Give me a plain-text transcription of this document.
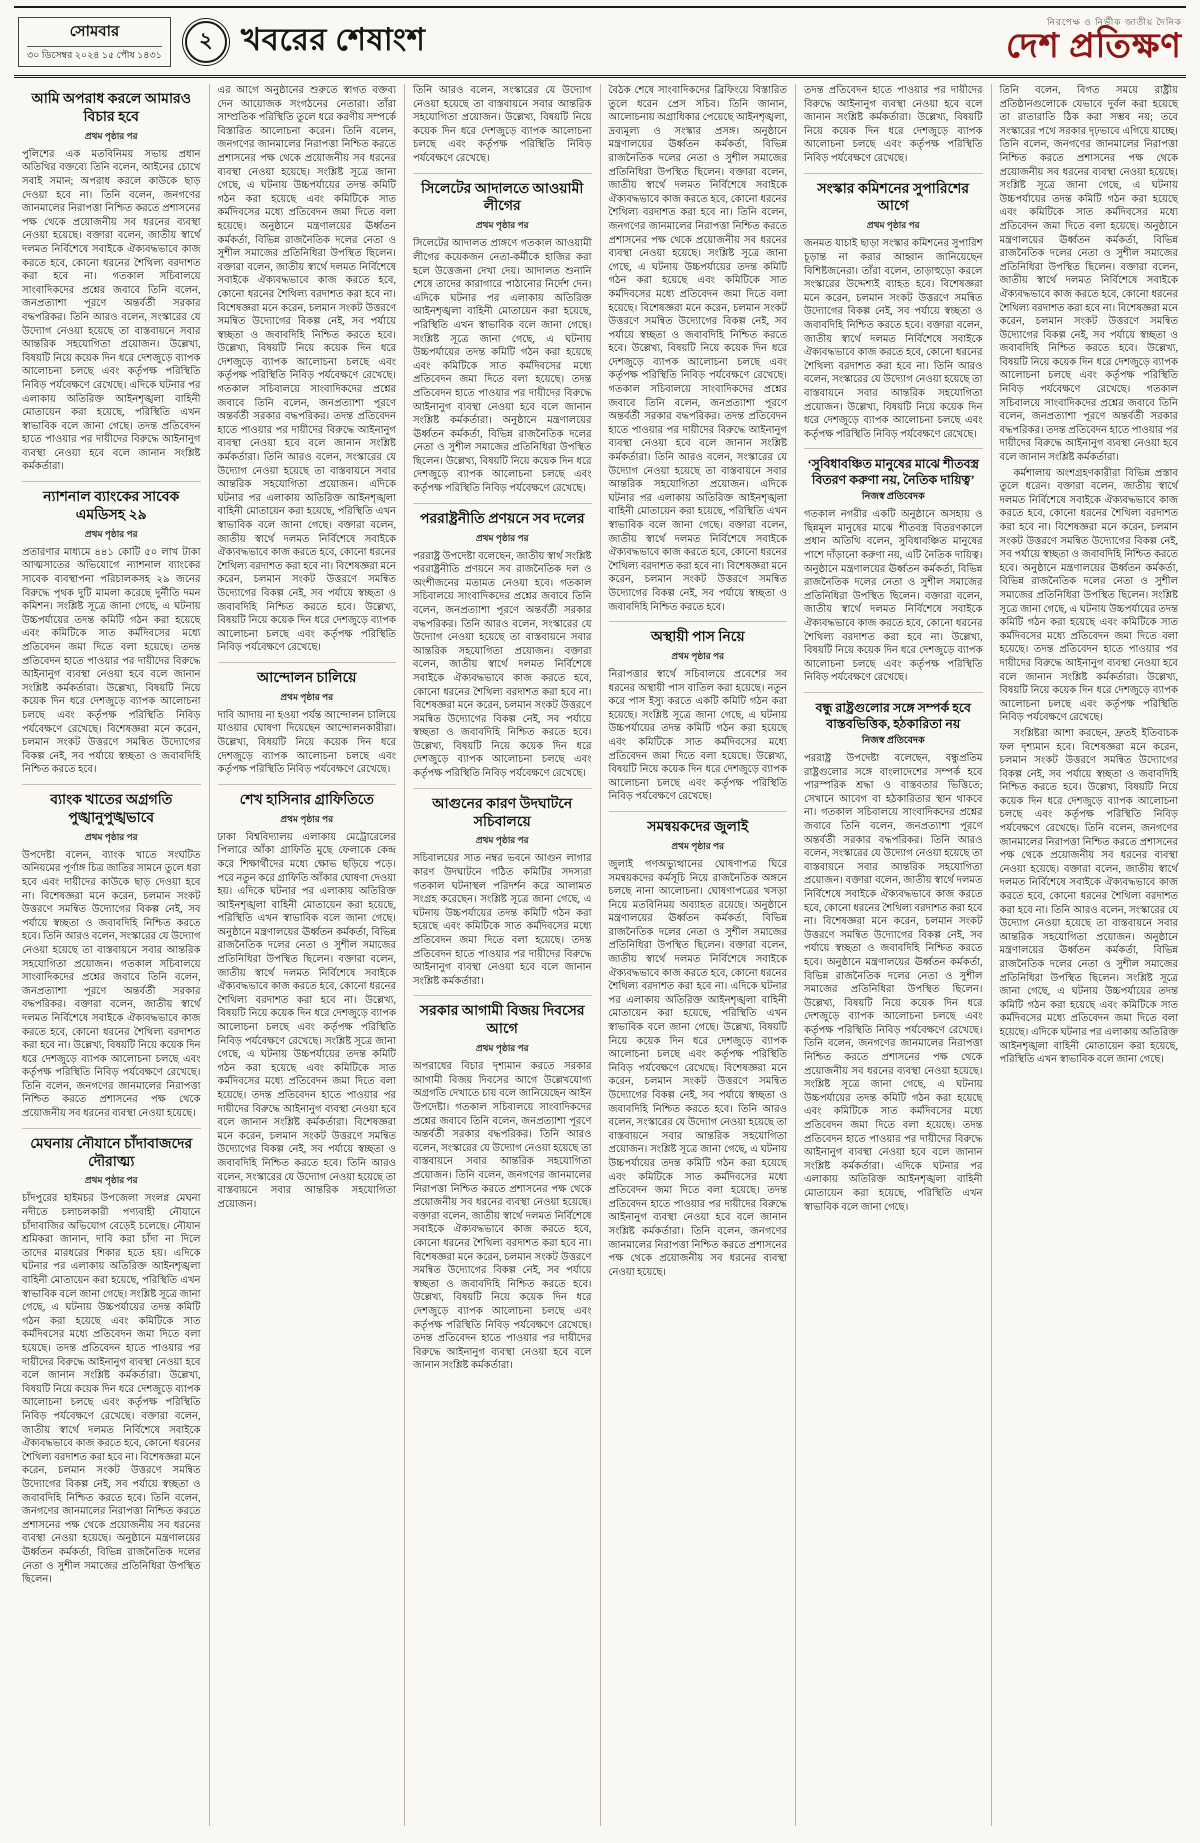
সোমবার
৩০ ডিসেম্বর ২০২৪ ১৫ পৌষ ১৪৩১
২ খবরের শেষাংশ	নিরপেক্ষ ও নির্ভীক জাতীয় দৈনিক
দেশ প্রতিক্ষণ
আমি অপরাধ করলে আমারও বিচার হবে
প্রথম পৃষ্ঠার পর
পুলিশের এক মতবিনিময় সভায় প্রধান অতিথির বক্তব্যে তিনি বলেন, আইনের চোখে সবাই সমান; অপরাধ করলে কাউকে ছাড় দেওয়া হবে না। তিনি বলেন, জনগণের জানমালের নিরাপত্তা নিশ্চিত করতে প্রশাসনের পক্ষ থেকে প্রয়োজনীয় সব ধরনের ব্যবস্থা নেওয়া হয়েছে। বক্তারা বলেন, জাতীয় স্বার্থে দলমত নির্বিশেষে সবাইকে ঐক্যবদ্ধভাবে কাজ করতে হবে, কোনো ধরনের শৈথিল্য বরদাশত করা হবে না। গতকাল সচিবালয়ে সাংবাদিকদের প্রশ্নের জবাবে তিনি বলেন, জনপ্রত্যাশা পূরণে অন্তর্বর্তী সরকার বদ্ধপরিকর। তিনি আরও বলেন, সংস্কারের যে উদ্যোগ নেওয়া হয়েছে তা বাস্তবায়নে সবার আন্তরিক সহযোগিতা প্রয়োজন। উল্লেখ্য, বিষয়টি নিয়ে কয়েক দিন ধরে দেশজুড়ে ব্যাপক আলোচনা চলছে এবং কর্তৃপক্ষ পরিস্থিতি নিবিড় পর্যবেক্ষণে রেখেছে। এদিকে ঘটনার পর এলাকায় অতিরিক্ত আইনশৃঙ্খলা বাহিনী মোতায়েন করা হয়েছে, পরিস্থিতি এখন স্বাভাবিক বলে জানা গেছে। তদন্ত প্রতিবেদন হাতে পাওয়ার পর দায়ীদের বিরুদ্ধে আইনানুগ ব্যবস্থা নেওয়া হবে বলে জানান সংশ্লিষ্ট কর্মকর্তারা।
ন্যাশনাল ব্যাংকের সাবেক এমডিসহ ২৯
প্রথম পৃষ্ঠার পর
প্রতারণার মাধ্যমে ৪৪১ কোটি ৫০ লাখ টাকা আত্মসাতের অভিযোগে ন্যাশনাল ব্যাংকের সাবেক ব্যবস্থাপনা পরিচালকসহ ২৯ জনের বিরুদ্ধে পৃথক দুটি মামলা করেছে দুর্নীতি দমন কমিশন। সংশ্লিষ্ট সূত্রে জানা গেছে, এ ঘটনায় উচ্চপর্যায়ের তদন্ত কমিটি গঠন করা হয়েছে এবং কমিটিকে সাত কর্মদিবসের মধ্যে প্রতিবেদন জমা দিতে বলা হয়েছে। তদন্ত প্রতিবেদন হাতে পাওয়ার পর দায়ীদের বিরুদ্ধে আইনানুগ ব্যবস্থা নেওয়া হবে বলে জানান সংশ্লিষ্ট কর্মকর্তারা। উল্লেখ্য, বিষয়টি নিয়ে কয়েক দিন ধরে দেশজুড়ে ব্যাপক আলোচনা চলছে এবং কর্তৃপক্ষ পরিস্থিতি নিবিড় পর্যবেক্ষণে রেখেছে। বিশেষজ্ঞরা মনে করেন, চলমান সংকট উত্তরণে সমন্বিত উদ্যোগের বিকল্প নেই, সব পর্যায়ে স্বচ্ছতা ও জবাবদিহি নিশ্চিত করতে হবে।
ব্যাংক খাতের অগ্রগতি পুঙ্খানুপুঙ্খভাবে
প্রথম পৃষ্ঠার পর
উপদেষ্টা বলেন, ব্যাংক খাতে সংঘটিত অনিয়মের পূর্ণাঙ্গ চিত্র জাতির সামনে তুলে ধরা হবে এবং দায়ীদের কাউকে ছাড় দেওয়া হবে না। বিশেষজ্ঞরা মনে করেন, চলমান সংকট উত্তরণে সমন্বিত উদ্যোগের বিকল্প নেই, সব পর্যায়ে স্বচ্ছতা ও জবাবদিহি নিশ্চিত করতে হবে। তিনি আরও বলেন, সংস্কারের যে উদ্যোগ নেওয়া হয়েছে তা বাস্তবায়নে সবার আন্তরিক সহযোগিতা প্রয়োজন। গতকাল সচিবালয়ে সাংবাদিকদের প্রশ্নের জবাবে তিনি বলেন, জনপ্রত্যাশা পূরণে অন্তর্বর্তী সরকার বদ্ধপরিকর। বক্তারা বলেন, জাতীয় স্বার্থে দলমত নির্বিশেষে সবাইকে ঐক্যবদ্ধভাবে কাজ করতে হবে, কোনো ধরনের শৈথিল্য বরদাশত করা হবে না। উল্লেখ্য, বিষয়টি নিয়ে কয়েক দিন ধরে দেশজুড়ে ব্যাপক আলোচনা চলছে এবং কর্তৃপক্ষ পরিস্থিতি নিবিড় পর্যবেক্ষণে রেখেছে। তিনি বলেন, জনগণের জানমালের নিরাপত্তা নিশ্চিত করতে প্রশাসনের পক্ষ থেকে প্রয়োজনীয় সব ধরনের ব্যবস্থা নেওয়া হয়েছে।
মেঘনায় নৌযানে চাঁদাবাজদের দৌরাত্ম্য
প্রথম পৃষ্ঠার পর
চাঁদপুরের হাইমচর উপজেলা সংলগ্ন মেঘনা নদীতে চলাচলকারী পণ্যবাহী নৌযানে চাঁদাবাজির অভিযোগ বেড়েই চলেছে। নৌযান শ্রমিকরা জানান, দাবি করা চাঁদা না দিলে তাদের মারধরের শিকার হতে হয়। এদিকে ঘটনার পর এলাকায় অতিরিক্ত আইনশৃঙ্খলা বাহিনী মোতায়েন করা হয়েছে, পরিস্থিতি এখন স্বাভাবিক বলে জানা গেছে। সংশ্লিষ্ট সূত্রে জানা গেছে, এ ঘটনায় উচ্চপর্যায়ের তদন্ত কমিটি গঠন করা হয়েছে এবং কমিটিকে সাত কর্মদিবসের মধ্যে প্রতিবেদন জমা দিতে বলা হয়েছে। তদন্ত প্রতিবেদন হাতে পাওয়ার পর দায়ীদের বিরুদ্ধে আইনানুগ ব্যবস্থা নেওয়া হবে বলে জানান সংশ্লিষ্ট কর্মকর্তারা। উল্লেখ্য, বিষয়টি নিয়ে কয়েক দিন ধরে দেশজুড়ে ব্যাপক আলোচনা চলছে এবং কর্তৃপক্ষ পরিস্থিতি নিবিড় পর্যবেক্ষণে রেখেছে। বক্তারা বলেন, জাতীয় স্বার্থে দলমত নির্বিশেষে সবাইকে ঐক্যবদ্ধভাবে কাজ করতে হবে, কোনো ধরনের শৈথিল্য বরদাশত করা হবে না। বিশেষজ্ঞরা মনে করেন, চলমান সংকট উত্তরণে সমন্বিত উদ্যোগের বিকল্প নেই, সব পর্যায়ে স্বচ্ছতা ও জবাবদিহি নিশ্চিত করতে হবে। তিনি বলেন, জনগণের জানমালের নিরাপত্তা নিশ্চিত করতে প্রশাসনের পক্ষ থেকে প্রয়োজনীয় সব ধরনের ব্যবস্থা নেওয়া হয়েছে। অনুষ্ঠানে মন্ত্রণালয়ের ঊর্ধ্বতন কর্মকর্তা, বিভিন্ন রাজনৈতিক দলের নেতা ও সুশীল সমাজের প্রতিনিধিরা উপস্থিত ছিলেন।
এর আগে অনুষ্ঠানের শুরুতে স্বাগত বক্তব্য দেন আয়োজক সংগঠনের নেতারা। তাঁরা সাম্প্রতিক পরিস্থিতি তুলে ধরে করণীয় সম্পর্কে বিস্তারিত আলোচনা করেন। তিনি বলেন, জনগণের জানমালের নিরাপত্তা নিশ্চিত করতে প্রশাসনের পক্ষ থেকে প্রয়োজনীয় সব ধরনের ব্যবস্থা নেওয়া হয়েছে। সংশ্লিষ্ট সূত্রে জানা গেছে, এ ঘটনায় উচ্চপর্যায়ের তদন্ত কমিটি গঠন করা হয়েছে এবং কমিটিকে সাত কর্মদিবসের মধ্যে প্রতিবেদন জমা দিতে বলা হয়েছে। অনুষ্ঠানে মন্ত্রণালয়ের ঊর্ধ্বতন কর্মকর্তা, বিভিন্ন রাজনৈতিক দলের নেতা ও সুশীল সমাজের প্রতিনিধিরা উপস্থিত ছিলেন। বক্তারা বলেন, জাতীয় স্বার্থে দলমত নির্বিশেষে সবাইকে ঐক্যবদ্ধভাবে কাজ করতে হবে, কোনো ধরনের শৈথিল্য বরদাশত করা হবে না। বিশেষজ্ঞরা মনে করেন, চলমান সংকট উত্তরণে সমন্বিত উদ্যোগের বিকল্প নেই, সব পর্যায়ে স্বচ্ছতা ও জবাবদিহি নিশ্চিত করতে হবে। উল্লেখ্য, বিষয়টি নিয়ে কয়েক দিন ধরে দেশজুড়ে ব্যাপক আলোচনা চলছে এবং কর্তৃপক্ষ পরিস্থিতি নিবিড় পর্যবেক্ষণে রেখেছে। গতকাল সচিবালয়ে সাংবাদিকদের প্রশ্নের জবাবে তিনি বলেন, জনপ্রত্যাশা পূরণে অন্তর্বর্তী সরকার বদ্ধপরিকর। তদন্ত প্রতিবেদন হাতে পাওয়ার পর দায়ীদের বিরুদ্ধে আইনানুগ ব্যবস্থা নেওয়া হবে বলে জানান সংশ্লিষ্ট কর্মকর্তারা। তিনি আরও বলেন, সংস্কারের যে উদ্যোগ নেওয়া হয়েছে তা বাস্তবায়নে সবার আন্তরিক সহযোগিতা প্রয়োজন। এদিকে ঘটনার পর এলাকায় অতিরিক্ত আইনশৃঙ্খলা বাহিনী মোতায়েন করা হয়েছে, পরিস্থিতি এখন স্বাভাবিক বলে জানা গেছে। বক্তারা বলেন, জাতীয় স্বার্থে দলমত নির্বিশেষে সবাইকে ঐক্যবদ্ধভাবে কাজ করতে হবে, কোনো ধরনের শৈথিল্য বরদাশত করা হবে না। বিশেষজ্ঞরা মনে করেন, চলমান সংকট উত্তরণে সমন্বিত উদ্যোগের বিকল্প নেই, সব পর্যায়ে স্বচ্ছতা ও জবাবদিহি নিশ্চিত করতে হবে। উল্লেখ্য, বিষয়টি নিয়ে কয়েক দিন ধরে দেশজুড়ে ব্যাপক আলোচনা চলছে এবং কর্তৃপক্ষ পরিস্থিতি নিবিড় পর্যবেক্ষণে রেখেছে।
আন্দোলন চালিয়ে
প্রথম পৃষ্ঠার পর
দাবি আদায় না হওয়া পর্যন্ত আন্দোলন চালিয়ে যাওয়ার ঘোষণা দিয়েছেন আন্দোলনকারীরা। উল্লেখ্য, বিষয়টি নিয়ে কয়েক দিন ধরে দেশজুড়ে ব্যাপক আলোচনা চলছে এবং কর্তৃপক্ষ পরিস্থিতি নিবিড় পর্যবেক্ষণে রেখেছে।
শেখ হাসিনার গ্রাফিতিতে
প্রথম পৃষ্ঠার পর
ঢাকা বিশ্ববিদ্যালয় এলাকায় মেট্রোরেলের পিলারে আঁকা গ্রাফিতি মুছে ফেলাকে কেন্দ্র করে শিক্ষার্থীদের মধ্যে ক্ষোভ ছড়িয়ে পড়ে। পরে নতুন করে গ্রাফিতি আঁকার ঘোষণা দেওয়া হয়। এদিকে ঘটনার পর এলাকায় অতিরিক্ত আইনশৃঙ্খলা বাহিনী মোতায়েন করা হয়েছে, পরিস্থিতি এখন স্বাভাবিক বলে জানা গেছে। অনুষ্ঠানে মন্ত্রণালয়ের ঊর্ধ্বতন কর্মকর্তা, বিভিন্ন রাজনৈতিক দলের নেতা ও সুশীল সমাজের প্রতিনিধিরা উপস্থিত ছিলেন। বক্তারা বলেন, জাতীয় স্বার্থে দলমত নির্বিশেষে সবাইকে ঐক্যবদ্ধভাবে কাজ করতে হবে, কোনো ধরনের শৈথিল্য বরদাশত করা হবে না। উল্লেখ্য, বিষয়টি নিয়ে কয়েক দিন ধরে দেশজুড়ে ব্যাপক আলোচনা চলছে এবং কর্তৃপক্ষ পরিস্থিতি নিবিড় পর্যবেক্ষণে রেখেছে। সংশ্লিষ্ট সূত্রে জানা গেছে, এ ঘটনায় উচ্চপর্যায়ের তদন্ত কমিটি গঠন করা হয়েছে এবং কমিটিকে সাত কর্মদিবসের মধ্যে প্রতিবেদন জমা দিতে বলা হয়েছে। তদন্ত প্রতিবেদন হাতে পাওয়ার পর দায়ীদের বিরুদ্ধে আইনানুগ ব্যবস্থা নেওয়া হবে বলে জানান সংশ্লিষ্ট কর্মকর্তারা। বিশেষজ্ঞরা মনে করেন, চলমান সংকট উত্তরণে সমন্বিত উদ্যোগের বিকল্প নেই, সব পর্যায়ে স্বচ্ছতা ও জবাবদিহি নিশ্চিত করতে হবে। তিনি আরও বলেন, সংস্কারের যে উদ্যোগ নেওয়া হয়েছে তা বাস্তবায়নে সবার আন্তরিক সহযোগিতা প্রয়োজন।
তিনি আরও বলেন, সংস্কারের যে উদ্যোগ নেওয়া হয়েছে তা বাস্তবায়নে সবার আন্তরিক সহযোগিতা প্রয়োজন। উল্লেখ্য, বিষয়টি নিয়ে কয়েক দিন ধরে দেশজুড়ে ব্যাপক আলোচনা চলছে এবং কর্তৃপক্ষ পরিস্থিতি নিবিড় পর্যবেক্ষণে রেখেছে।
সিলেটের আদালতে আওয়ামী লীগের
প্রথম পৃষ্ঠার পর
সিলেটের আদালত প্রাঙ্গণে গতকাল আওয়ামী লীগের কয়েকজন নেতা-কর্মীকে হাজির করা হলে উত্তেজনা দেখা দেয়। আদালত শুনানি শেষে তাদের কারাগারে পাঠানোর নির্দেশ দেন। এদিকে ঘটনার পর এলাকায় অতিরিক্ত আইনশৃঙ্খলা বাহিনী মোতায়েন করা হয়েছে, পরিস্থিতি এখন স্বাভাবিক বলে জানা গেছে। সংশ্লিষ্ট সূত্রে জানা গেছে, এ ঘটনায় উচ্চপর্যায়ের তদন্ত কমিটি গঠন করা হয়েছে এবং কমিটিকে সাত কর্মদিবসের মধ্যে প্রতিবেদন জমা দিতে বলা হয়েছে। তদন্ত প্রতিবেদন হাতে পাওয়ার পর দায়ীদের বিরুদ্ধে আইনানুগ ব্যবস্থা নেওয়া হবে বলে জানান সংশ্লিষ্ট কর্মকর্তারা। অনুষ্ঠানে মন্ত্রণালয়ের ঊর্ধ্বতন কর্মকর্তা, বিভিন্ন রাজনৈতিক দলের নেতা ও সুশীল সমাজের প্রতিনিধিরা উপস্থিত ছিলেন। উল্লেখ্য, বিষয়টি নিয়ে কয়েক দিন ধরে দেশজুড়ে ব্যাপক আলোচনা চলছে এবং কর্তৃপক্ষ পরিস্থিতি নিবিড় পর্যবেক্ষণে রেখেছে।
পররাষ্ট্রনীতি প্রণয়নে সব দলের
প্রথম পৃষ্ঠার পর
পররাষ্ট্র উপদেষ্টা বলেছেন, জাতীয় স্বার্থ সংশ্লিষ্ট পররাষ্ট্রনীতি প্রণয়নে সব রাজনৈতিক দল ও অংশীজনের মতামত নেওয়া হবে। গতকাল সচিবালয়ে সাংবাদিকদের প্রশ্নের জবাবে তিনি বলেন, জনপ্রত্যাশা পূরণে অন্তর্বর্তী সরকার বদ্ধপরিকর। তিনি আরও বলেন, সংস্কারের যে উদ্যোগ নেওয়া হয়েছে তা বাস্তবায়নে সবার আন্তরিক সহযোগিতা প্রয়োজন। বক্তারা বলেন, জাতীয় স্বার্থে দলমত নির্বিশেষে সবাইকে ঐক্যবদ্ধভাবে কাজ করতে হবে, কোনো ধরনের শৈথিল্য বরদাশত করা হবে না। বিশেষজ্ঞরা মনে করেন, চলমান সংকট উত্তরণে সমন্বিত উদ্যোগের বিকল্প নেই, সব পর্যায়ে স্বচ্ছতা ও জবাবদিহি নিশ্চিত করতে হবে। উল্লেখ্য, বিষয়টি নিয়ে কয়েক দিন ধরে দেশজুড়ে ব্যাপক আলোচনা চলছে এবং কর্তৃপক্ষ পরিস্থিতি নিবিড় পর্যবেক্ষণে রেখেছে।
আগুনের কারণ উদঘাটনে সচিবালয়ে
প্রথম পৃষ্ঠার পর
সচিবালয়ের সাত নম্বর ভবনে আগুন লাগার কারণ উদঘাটনে গঠিত কমিটির সদস্যরা গতকাল ঘটনাস্থল পরিদর্শন করে আলামত সংগ্রহ করেছেন। সংশ্লিষ্ট সূত্রে জানা গেছে, এ ঘটনায় উচ্চপর্যায়ের তদন্ত কমিটি গঠন করা হয়েছে এবং কমিটিকে সাত কর্মদিবসের মধ্যে প্রতিবেদন জমা দিতে বলা হয়েছে। তদন্ত প্রতিবেদন হাতে পাওয়ার পর দায়ীদের বিরুদ্ধে আইনানুগ ব্যবস্থা নেওয়া হবে বলে জানান সংশ্লিষ্ট কর্মকর্তারা।
সরকার আগামী বিজয় দিবসের আগে
প্রথম পৃষ্ঠার পর
অপরাধের বিচার দৃশ্যমান করতে সরকার আগামী বিজয় দিবসের আগে উল্লেখযোগ্য অগ্রগতি দেখাতে চায় বলে জানিয়েছেন আইন উপদেষ্টা। গতকাল সচিবালয়ে সাংবাদিকদের প্রশ্নের জবাবে তিনি বলেন, জনপ্রত্যাশা পূরণে অন্তর্বর্তী সরকার বদ্ধপরিকর। তিনি আরও বলেন, সংস্কারের যে উদ্যোগ নেওয়া হয়েছে তা বাস্তবায়নে সবার আন্তরিক সহযোগিতা প্রয়োজন। তিনি বলেন, জনগণের জানমালের নিরাপত্তা নিশ্চিত করতে প্রশাসনের পক্ষ থেকে প্রয়োজনীয় সব ধরনের ব্যবস্থা নেওয়া হয়েছে। বক্তারা বলেন, জাতীয় স্বার্থে দলমত নির্বিশেষে সবাইকে ঐক্যবদ্ধভাবে কাজ করতে হবে, কোনো ধরনের শৈথিল্য বরদাশত করা হবে না। বিশেষজ্ঞরা মনে করেন, চলমান সংকট উত্তরণে সমন্বিত উদ্যোগের বিকল্প নেই, সব পর্যায়ে স্বচ্ছতা ও জবাবদিহি নিশ্চিত করতে হবে। উল্লেখ্য, বিষয়টি নিয়ে কয়েক দিন ধরে দেশজুড়ে ব্যাপক আলোচনা চলছে এবং কর্তৃপক্ষ পরিস্থিতি নিবিড় পর্যবেক্ষণে রেখেছে। তদন্ত প্রতিবেদন হাতে পাওয়ার পর দায়ীদের বিরুদ্ধে আইনানুগ ব্যবস্থা নেওয়া হবে বলে জানান সংশ্লিষ্ট কর্মকর্তারা।
বৈঠক শেষে সাংবাদিকদের ব্রিফিংয়ে বিস্তারিত তুলে ধরেন প্রেস সচিব। তিনি জানান, আলোচনায় অগ্রাধিকার পেয়েছে আইনশৃঙ্খলা, দ্রব্যমূল্য ও সংস্কার প্রসঙ্গ। অনুষ্ঠানে মন্ত্রণালয়ের ঊর্ধ্বতন কর্মকর্তা, বিভিন্ন রাজনৈতিক দলের নেতা ও সুশীল সমাজের প্রতিনিধিরা উপস্থিত ছিলেন। বক্তারা বলেন, জাতীয় স্বার্থে দলমত নির্বিশেষে সবাইকে ঐক্যবদ্ধভাবে কাজ করতে হবে, কোনো ধরনের শৈথিল্য বরদাশত করা হবে না। তিনি বলেন, জনগণের জানমালের নিরাপত্তা নিশ্চিত করতে প্রশাসনের পক্ষ থেকে প্রয়োজনীয় সব ধরনের ব্যবস্থা নেওয়া হয়েছে। সংশ্লিষ্ট সূত্রে জানা গেছে, এ ঘটনায় উচ্চপর্যায়ের তদন্ত কমিটি গঠন করা হয়েছে এবং কমিটিকে সাত কর্মদিবসের মধ্যে প্রতিবেদন জমা দিতে বলা হয়েছে। বিশেষজ্ঞরা মনে করেন, চলমান সংকট উত্তরণে সমন্বিত উদ্যোগের বিকল্প নেই, সব পর্যায়ে স্বচ্ছতা ও জবাবদিহি নিশ্চিত করতে হবে। উল্লেখ্য, বিষয়টি নিয়ে কয়েক দিন ধরে দেশজুড়ে ব্যাপক আলোচনা চলছে এবং কর্তৃপক্ষ পরিস্থিতি নিবিড় পর্যবেক্ষণে রেখেছে। গতকাল সচিবালয়ে সাংবাদিকদের প্রশ্নের জবাবে তিনি বলেন, জনপ্রত্যাশা পূরণে অন্তর্বর্তী সরকার বদ্ধপরিকর। তদন্ত প্রতিবেদন হাতে পাওয়ার পর দায়ীদের বিরুদ্ধে আইনানুগ ব্যবস্থা নেওয়া হবে বলে জানান সংশ্লিষ্ট কর্মকর্তারা। তিনি আরও বলেন, সংস্কারের যে উদ্যোগ নেওয়া হয়েছে তা বাস্তবায়নে সবার আন্তরিক সহযোগিতা প্রয়োজন। এদিকে ঘটনার পর এলাকায় অতিরিক্ত আইনশৃঙ্খলা বাহিনী মোতায়েন করা হয়েছে, পরিস্থিতি এখন স্বাভাবিক বলে জানা গেছে। বক্তারা বলেন, জাতীয় স্বার্থে দলমত নির্বিশেষে সবাইকে ঐক্যবদ্ধভাবে কাজ করতে হবে, কোনো ধরনের শৈথিল্য বরদাশত করা হবে না। বিশেষজ্ঞরা মনে করেন, চলমান সংকট উত্তরণে সমন্বিত উদ্যোগের বিকল্প নেই, সব পর্যায়ে স্বচ্ছতা ও জবাবদিহি নিশ্চিত করতে হবে।
অস্থায়ী পাস নিয়ে
প্রথম পৃষ্ঠার পর
নিরাপত্তার স্বার্থে সচিবালয়ে প্রবেশের সব ধরনের অস্থায়ী পাস বাতিল করা হয়েছে। নতুন করে পাস ইস্যু করতে একটি কমিটি গঠন করা হয়েছে। সংশ্লিষ্ট সূত্রে জানা গেছে, এ ঘটনায় উচ্চপর্যায়ের তদন্ত কমিটি গঠন করা হয়েছে এবং কমিটিকে সাত কর্মদিবসের মধ্যে প্রতিবেদন জমা দিতে বলা হয়েছে। উল্লেখ্য, বিষয়টি নিয়ে কয়েক দিন ধরে দেশজুড়ে ব্যাপক আলোচনা চলছে এবং কর্তৃপক্ষ পরিস্থিতি নিবিড় পর্যবেক্ষণে রেখেছে।
সমন্বয়কদের জুলাই
প্রথম পৃষ্ঠার পর
জুলাই গণঅভ্যুত্থানের ঘোষণাপত্র ঘিরে সমন্বয়কদের কর্মসূচি নিয়ে রাজনৈতিক অঙ্গনে চলছে নানা আলোচনা। ঘোষণাপত্রের খসড়া নিয়ে মতবিনিময় অব্যাহত রয়েছে। অনুষ্ঠানে মন্ত্রণালয়ের ঊর্ধ্বতন কর্মকর্তা, বিভিন্ন রাজনৈতিক দলের নেতা ও সুশীল সমাজের প্রতিনিধিরা উপস্থিত ছিলেন। বক্তারা বলেন, জাতীয় স্বার্থে দলমত নির্বিশেষে সবাইকে ঐক্যবদ্ধভাবে কাজ করতে হবে, কোনো ধরনের শৈথিল্য বরদাশত করা হবে না। এদিকে ঘটনার পর এলাকায় অতিরিক্ত আইনশৃঙ্খলা বাহিনী মোতায়েন করা হয়েছে, পরিস্থিতি এখন স্বাভাবিক বলে জানা গেছে। উল্লেখ্য, বিষয়টি নিয়ে কয়েক দিন ধরে দেশজুড়ে ব্যাপক আলোচনা চলছে এবং কর্তৃপক্ষ পরিস্থিতি নিবিড় পর্যবেক্ষণে রেখেছে। বিশেষজ্ঞরা মনে করেন, চলমান সংকট উত্তরণে সমন্বিত উদ্যোগের বিকল্প নেই, সব পর্যায়ে স্বচ্ছতা ও জবাবদিহি নিশ্চিত করতে হবে। তিনি আরও বলেন, সংস্কারের যে উদ্যোগ নেওয়া হয়েছে তা বাস্তবায়নে সবার আন্তরিক সহযোগিতা প্রয়োজন। সংশ্লিষ্ট সূত্রে জানা গেছে, এ ঘটনায় উচ্চপর্যায়ের তদন্ত কমিটি গঠন করা হয়েছে এবং কমিটিকে সাত কর্মদিবসের মধ্যে প্রতিবেদন জমা দিতে বলা হয়েছে। তদন্ত প্রতিবেদন হাতে পাওয়ার পর দায়ীদের বিরুদ্ধে আইনানুগ ব্যবস্থা নেওয়া হবে বলে জানান সংশ্লিষ্ট কর্মকর্তারা। তিনি বলেন, জনগণের জানমালের নিরাপত্তা নিশ্চিত করতে প্রশাসনের পক্ষ থেকে প্রয়োজনীয় সব ধরনের ব্যবস্থা নেওয়া হয়েছে।
তদন্ত প্রতিবেদন হাতে পাওয়ার পর দায়ীদের বিরুদ্ধে আইনানুগ ব্যবস্থা নেওয়া হবে বলে জানান সংশ্লিষ্ট কর্মকর্তারা। উল্লেখ্য, বিষয়টি নিয়ে কয়েক দিন ধরে দেশজুড়ে ব্যাপক আলোচনা চলছে এবং কর্তৃপক্ষ পরিস্থিতি নিবিড় পর্যবেক্ষণে রেখেছে।
সংস্কার কমিশনের সুপারিশের আগে
প্রথম পৃষ্ঠার পর
জনমত যাচাই ছাড়া সংস্কার কমিশনের সুপারিশ চূড়ান্ত না করার আহ্বান জানিয়েছেন বিশিষ্টজনেরা। তাঁরা বলেন, তাড়াহুড়ো করলে সংস্কারের উদ্দেশ্যই ব্যাহত হবে। বিশেষজ্ঞরা মনে করেন, চলমান সংকট উত্তরণে সমন্বিত উদ্যোগের বিকল্প নেই, সব পর্যায়ে স্বচ্ছতা ও জবাবদিহি নিশ্চিত করতে হবে। বক্তারা বলেন, জাতীয় স্বার্থে দলমত নির্বিশেষে সবাইকে ঐক্যবদ্ধভাবে কাজ করতে হবে, কোনো ধরনের শৈথিল্য বরদাশত করা হবে না। তিনি আরও বলেন, সংস্কারের যে উদ্যোগ নেওয়া হয়েছে তা বাস্তবায়নে সবার আন্তরিক সহযোগিতা প্রয়োজন। উল্লেখ্য, বিষয়টি নিয়ে কয়েক দিন ধরে দেশজুড়ে ব্যাপক আলোচনা চলছে এবং কর্তৃপক্ষ পরিস্থিতি নিবিড় পর্যবেক্ষণে রেখেছে।
‘সুবিধাবঞ্চিত মানুষের মাঝে শীতবস্ত্র বিতরণ করুণা নয়, নৈতিক দায়িত্ব’
নিজস্ব প্রতিবেদক
গতকাল নগরীর একটি অনুষ্ঠানে অসহায় ও ছিন্নমূল মানুষের মাঝে শীতবস্ত্র বিতরণকালে প্রধান অতিথি বলেন, সুবিধাবঞ্চিত মানুষের পাশে দাঁড়ানো করুণা নয়, এটি নৈতিক দায়িত্ব। অনুষ্ঠানে মন্ত্রণালয়ের ঊর্ধ্বতন কর্মকর্তা, বিভিন্ন রাজনৈতিক দলের নেতা ও সুশীল সমাজের প্রতিনিধিরা উপস্থিত ছিলেন। বক্তারা বলেন, জাতীয় স্বার্থে দলমত নির্বিশেষে সবাইকে ঐক্যবদ্ধভাবে কাজ করতে হবে, কোনো ধরনের শৈথিল্য বরদাশত করা হবে না। উল্লেখ্য, বিষয়টি নিয়ে কয়েক দিন ধরে দেশজুড়ে ব্যাপক আলোচনা চলছে এবং কর্তৃপক্ষ পরিস্থিতি নিবিড় পর্যবেক্ষণে রেখেছে।
বন্ধু রাষ্ট্রগুলোর সঙ্গে সম্পর্ক হবে বাস্তবভিত্তিক, হঠকারিতা নয়
নিজস্ব প্রতিবেদক
পররাষ্ট্র উপদেষ্টা বলেছেন, বন্ধুপ্রতিম রাষ্ট্রগুলোর সঙ্গে বাংলাদেশের সম্পর্ক হবে পারস্পরিক শ্রদ্ধা ও বাস্তবতার ভিত্তিতে; সেখানে আবেগ বা হঠকারিতার স্থান থাকবে না। গতকাল সচিবালয়ে সাংবাদিকদের প্রশ্নের জবাবে তিনি বলেন, জনপ্রত্যাশা পূরণে অন্তর্বর্তী সরকার বদ্ধপরিকর। তিনি আরও বলেন, সংস্কারের যে উদ্যোগ নেওয়া হয়েছে তা বাস্তবায়নে সবার আন্তরিক সহযোগিতা প্রয়োজন। বক্তারা বলেন, জাতীয় স্বার্থে দলমত নির্বিশেষে সবাইকে ঐক্যবদ্ধভাবে কাজ করতে হবে, কোনো ধরনের শৈথিল্য বরদাশত করা হবে না। বিশেষজ্ঞরা মনে করেন, চলমান সংকট উত্তরণে সমন্বিত উদ্যোগের বিকল্প নেই, সব পর্যায়ে স্বচ্ছতা ও জবাবদিহি নিশ্চিত করতে হবে। অনুষ্ঠানে মন্ত্রণালয়ের ঊর্ধ্বতন কর্মকর্তা, বিভিন্ন রাজনৈতিক দলের নেতা ও সুশীল সমাজের প্রতিনিধিরা উপস্থিত ছিলেন। উল্লেখ্য, বিষয়টি নিয়ে কয়েক দিন ধরে দেশজুড়ে ব্যাপক আলোচনা চলছে এবং কর্তৃপক্ষ পরিস্থিতি নিবিড় পর্যবেক্ষণে রেখেছে। তিনি বলেন, জনগণের জানমালের নিরাপত্তা নিশ্চিত করতে প্রশাসনের পক্ষ থেকে প্রয়োজনীয় সব ধরনের ব্যবস্থা নেওয়া হয়েছে। সংশ্লিষ্ট সূত্রে জানা গেছে, এ ঘটনায় উচ্চপর্যায়ের তদন্ত কমিটি গঠন করা হয়েছে এবং কমিটিকে সাত কর্মদিবসের মধ্যে প্রতিবেদন জমা দিতে বলা হয়েছে। তদন্ত প্রতিবেদন হাতে পাওয়ার পর দায়ীদের বিরুদ্ধে আইনানুগ ব্যবস্থা নেওয়া হবে বলে জানান সংশ্লিষ্ট কর্মকর্তারা। এদিকে ঘটনার পর এলাকায় অতিরিক্ত আইনশৃঙ্খলা বাহিনী মোতায়েন করা হয়েছে, পরিস্থিতি এখন স্বাভাবিক বলে জানা গেছে।
তিনি বলেন, বিগত সময়ে রাষ্ট্রীয় প্রতিষ্ঠানগুলোকে যেভাবে দুর্বল করা হয়েছে তা রাতারাতি ঠিক করা সম্ভব নয়; তবে সংস্কারের পথে সরকার দৃঢ়ভাবে এগিয়ে যাচ্ছে। তিনি বলেন, জনগণের জানমালের নিরাপত্তা নিশ্চিত করতে প্রশাসনের পক্ষ থেকে প্রয়োজনীয় সব ধরনের ব্যবস্থা নেওয়া হয়েছে। সংশ্লিষ্ট সূত্রে জানা গেছে, এ ঘটনায় উচ্চপর্যায়ের তদন্ত কমিটি গঠন করা হয়েছে এবং কমিটিকে সাত কর্মদিবসের মধ্যে প্রতিবেদন জমা দিতে বলা হয়েছে। অনুষ্ঠানে মন্ত্রণালয়ের ঊর্ধ্বতন কর্মকর্তা, বিভিন্ন রাজনৈতিক দলের নেতা ও সুশীল সমাজের প্রতিনিধিরা উপস্থিত ছিলেন। বক্তারা বলেন, জাতীয় স্বার্থে দলমত নির্বিশেষে সবাইকে ঐক্যবদ্ধভাবে কাজ করতে হবে, কোনো ধরনের শৈথিল্য বরদাশত করা হবে না। বিশেষজ্ঞরা মনে করেন, চলমান সংকট উত্তরণে সমন্বিত উদ্যোগের বিকল্প নেই, সব পর্যায়ে স্বচ্ছতা ও জবাবদিহি নিশ্চিত করতে হবে। উল্লেখ্য, বিষয়টি নিয়ে কয়েক দিন ধরে দেশজুড়ে ব্যাপক আলোচনা চলছে এবং কর্তৃপক্ষ পরিস্থিতি নিবিড় পর্যবেক্ষণে রেখেছে। গতকাল সচিবালয়ে সাংবাদিকদের প্রশ্নের জবাবে তিনি বলেন, জনপ্রত্যাশা পূরণে অন্তর্বর্তী সরকার বদ্ধপরিকর। তদন্ত প্রতিবেদন হাতে পাওয়ার পর দায়ীদের বিরুদ্ধে আইনানুগ ব্যবস্থা নেওয়া হবে বলে জানান সংশ্লিষ্ট কর্মকর্তারা।
কর্মশালায় অংশগ্রহণকারীরা বিভিন্ন প্রস্তাব তুলে ধরেন। বক্তারা বলেন, জাতীয় স্বার্থে দলমত নির্বিশেষে সবাইকে ঐক্যবদ্ধভাবে কাজ করতে হবে, কোনো ধরনের শৈথিল্য বরদাশত করা হবে না। বিশেষজ্ঞরা মনে করেন, চলমান সংকট উত্তরণে সমন্বিত উদ্যোগের বিকল্প নেই, সব পর্যায়ে স্বচ্ছতা ও জবাবদিহি নিশ্চিত করতে হবে। অনুষ্ঠানে মন্ত্রণালয়ের ঊর্ধ্বতন কর্মকর্তা, বিভিন্ন রাজনৈতিক দলের নেতা ও সুশীল সমাজের প্রতিনিধিরা উপস্থিত ছিলেন। সংশ্লিষ্ট সূত্রে জানা গেছে, এ ঘটনায় উচ্চপর্যায়ের তদন্ত কমিটি গঠন করা হয়েছে এবং কমিটিকে সাত কর্মদিবসের মধ্যে প্রতিবেদন জমা দিতে বলা হয়েছে। তদন্ত প্রতিবেদন হাতে পাওয়ার পর দায়ীদের বিরুদ্ধে আইনানুগ ব্যবস্থা নেওয়া হবে বলে জানান সংশ্লিষ্ট কর্মকর্তারা। উল্লেখ্য, বিষয়টি নিয়ে কয়েক দিন ধরে দেশজুড়ে ব্যাপক আলোচনা চলছে এবং কর্তৃপক্ষ পরিস্থিতি নিবিড় পর্যবেক্ষণে রেখেছে।
সংশ্লিষ্টরা আশা করছেন, দ্রুতই ইতিবাচক ফল দৃশ্যমান হবে। বিশেষজ্ঞরা মনে করেন, চলমান সংকট উত্তরণে সমন্বিত উদ্যোগের বিকল্প নেই, সব পর্যায়ে স্বচ্ছতা ও জবাবদিহি নিশ্চিত করতে হবে। উল্লেখ্য, বিষয়টি নিয়ে কয়েক দিন ধরে দেশজুড়ে ব্যাপক আলোচনা চলছে এবং কর্তৃপক্ষ পরিস্থিতি নিবিড় পর্যবেক্ষণে রেখেছে। তিনি বলেন, জনগণের জানমালের নিরাপত্তা নিশ্চিত করতে প্রশাসনের পক্ষ থেকে প্রয়োজনীয় সব ধরনের ব্যবস্থা নেওয়া হয়েছে। বক্তারা বলেন, জাতীয় স্বার্থে দলমত নির্বিশেষে সবাইকে ঐক্যবদ্ধভাবে কাজ করতে হবে, কোনো ধরনের শৈথিল্য বরদাশত করা হবে না। তিনি আরও বলেন, সংস্কারের যে উদ্যোগ নেওয়া হয়েছে তা বাস্তবায়নে সবার আন্তরিক সহযোগিতা প্রয়োজন। অনুষ্ঠানে মন্ত্রণালয়ের ঊর্ধ্বতন কর্মকর্তা, বিভিন্ন রাজনৈতিক দলের নেতা ও সুশীল সমাজের প্রতিনিধিরা উপস্থিত ছিলেন। সংশ্লিষ্ট সূত্রে জানা গেছে, এ ঘটনায় উচ্চপর্যায়ের তদন্ত কমিটি গঠন করা হয়েছে এবং কমিটিকে সাত কর্মদিবসের মধ্যে প্রতিবেদন জমা দিতে বলা হয়েছে। এদিকে ঘটনার পর এলাকায় অতিরিক্ত আইনশৃঙ্খলা বাহিনী মোতায়েন করা হয়েছে, পরিস্থিতি এখন স্বাভাবিক বলে জানা গেছে।
